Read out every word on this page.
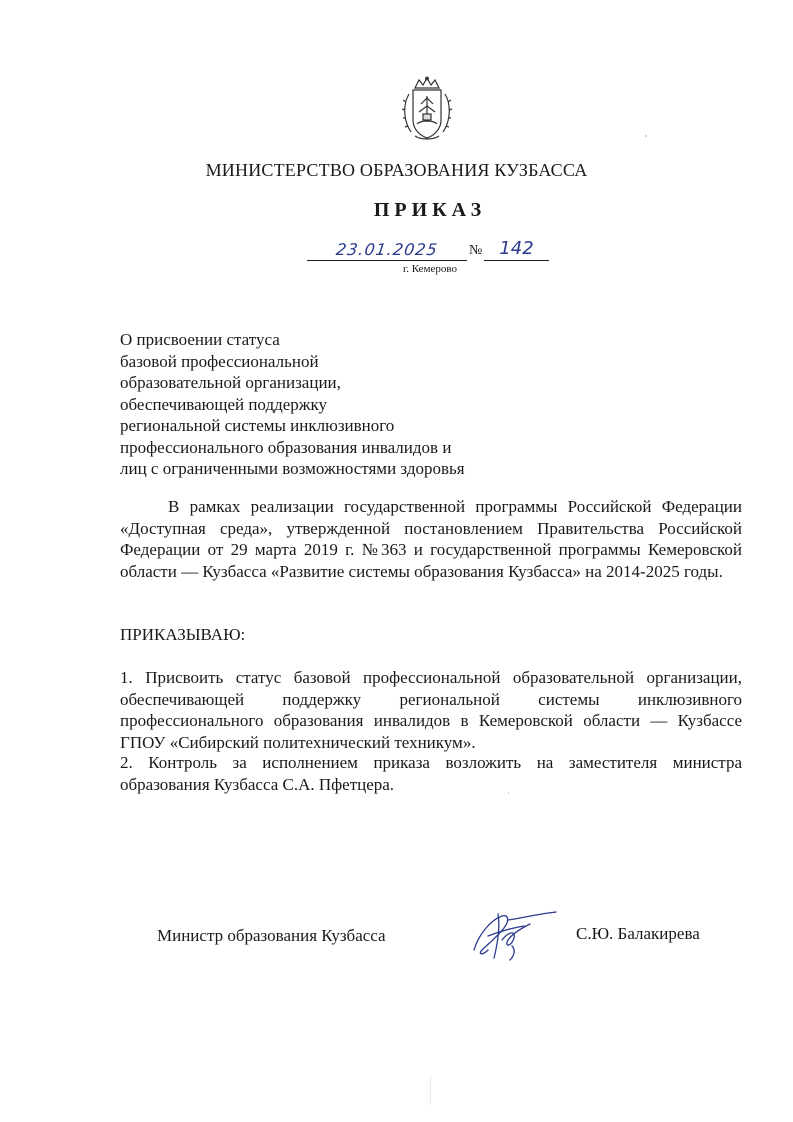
МИНИСТЕРСТВО ОБРАЗОВАНИЯ КУЗБАССА
ПРИКАЗ
23.01.2025	№ 142
г. Кемерово
О присвоении статуса
базовой профессиональной
образовательной организации,
обеспечивающей поддержку
региональной системы инклюзивного
профессионального образования инвалидов и
лиц с ограниченными возможностями здоровья
В рамках реализации государственной программы Российской Федерации «Доступная среда», утвержденной постановлением Правительства Российской Федерации от 29 марта 2019 г. №363 и государственной программы Кемеровской области — Кузбасса «Развитие системы образования Кузбасса» на 2014-2025 годы.
ПРИКАЗЫВАЮ:
1. Присвоить статус базовой профессиональной образовательной организации, обеспечивающей поддержку региональной системы инклюзивного профессионального образования инвалидов в Кемеровской области — Кузбассе ГПОУ «Сибирский политехнический техникум».
2. Контроль за исполнением приказа возложить на заместителя министра образования Кузбасса С.А. Пфетцера.
Министр образования Кузбасса	С.Ю. Балакирева
